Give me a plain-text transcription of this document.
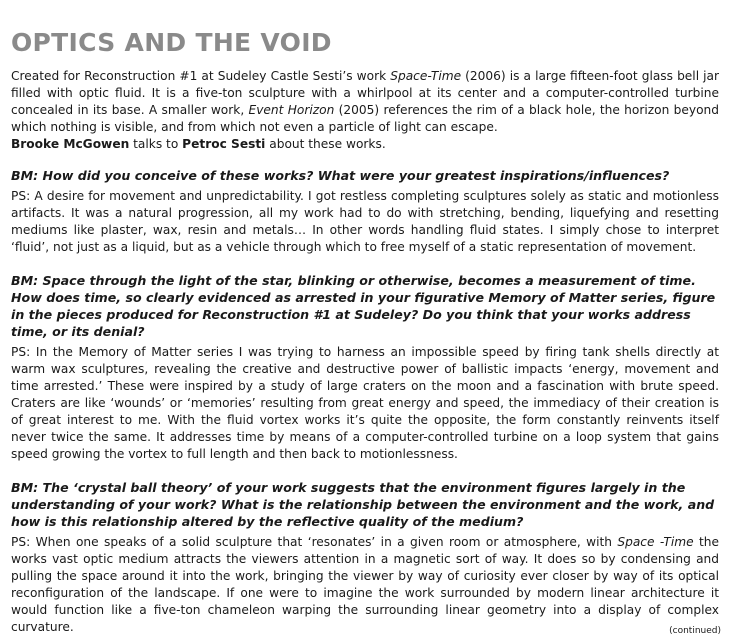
OPTICS AND THE VOID

Created for Reconstruction #1 at Sudeley Castle Sesti’s work Space-Time (2006) is a large fifteen-foot glass bell jar filled with optic fluid. It is a five-ton sculpture with a whirlpool at its center and a computer-controlled turbine concealed in its base. A smaller work, Event Horizon (2005) references the rim of a black hole, the horizon beyond which nothing is visible, and from which not even a particle of light can escape.

Brooke McGowen talks to Petroc Sesti about these works.

BM: How did you conceive of these works? What were your greatest inspirations/influences?

PS: A desire for movement and unpredictability. I got restless completing sculptures solely as static and motionless artifacts. It was a natural progression, all my work had to do with stretching, bending, liquefying and resetting mediums like plaster, wax, resin and metals… In other words handling fluid states. I simply chose to interpret ‘fluid’, not just as a liquid, but as a vehicle through which to free myself of a static representation of movement.

BM: Space through the light of the star, blinking or otherwise, becomes a measurement of time. How does time, so clearly evidenced as arrested in your figurative Memory of Matter series, figure in the pieces produced for Reconstruction #1 at Sudeley? Do you think that your works address time, or its denial?

PS: In the Memory of Matter series I was trying to harness an impossible speed by firing tank shells directly at warm wax sculptures, revealing the creative and destructive power of ballistic impacts ‘energy, movement and time arrested.’ These were inspired by a study of large craters on the moon and a fascination with brute speed. Craters are like ‘wounds’ or ‘memories’ resulting from great energy and speed, the immediacy of their creation is of great interest to me. With the fluid vortex works it’s quite the opposite, the form constantly reinvents itself never twice the same. It addresses time by means of a computer-controlled turbine on a loop system that gains speed growing the vortex to full length and then back to motionlessness.

BM: The ‘crystal ball theory’ of your work suggests that the environment figures largely in the understanding of your work? What is the relationship between the environment and the work, and how is this relationship altered by the reflective quality of the medium?

PS: When one speaks of a solid sculpture that ‘resonates’ in a given room or atmosphere, with Space -Time the works vast optic medium attracts the viewers attention in a magnetic sort of way. It does so by condensing and pulling the space around it into the work, bringing the viewer by way of curiosity ever closer by way of its optical reconfiguration of the landscape. If one were to imagine the work surrounded by modern linear architecture it would function like a five-ton chameleon warping the surrounding linear geometry into a display of complex curvature.	(continued)
